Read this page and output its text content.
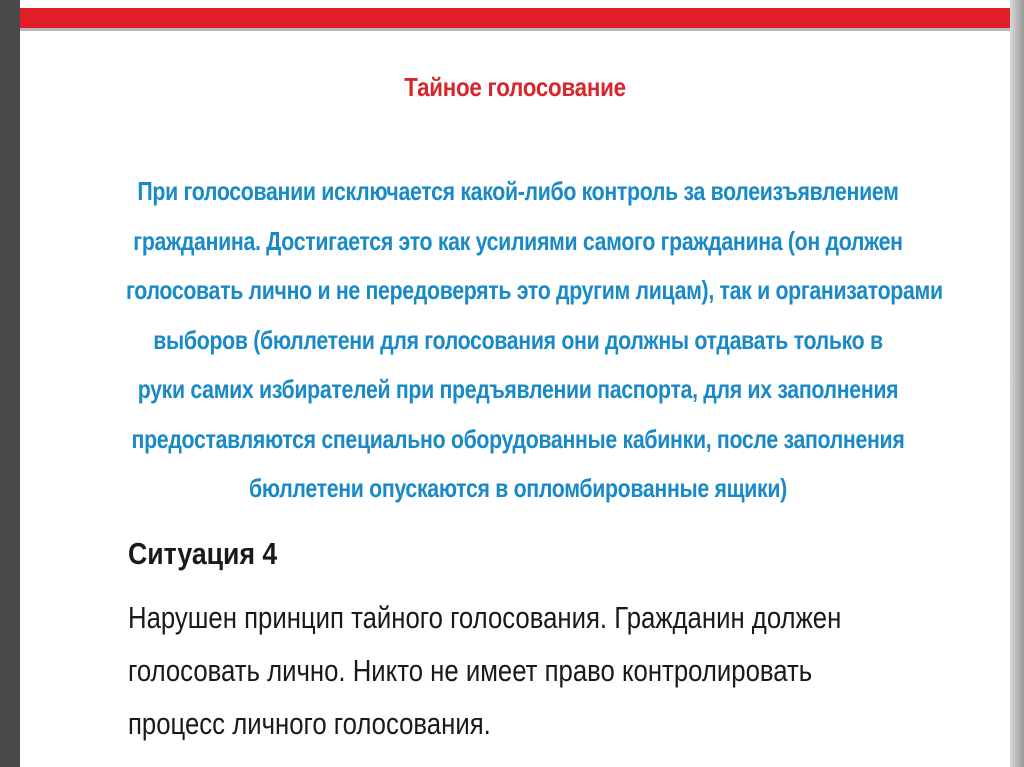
Тайное голосование
При голосовании исключается какой-либо контроль за волеизъявлением
гражданина. Достигается это как усилиями самого гражданина (он должен
голосовать лично и не передоверять это другим лицам), так и организаторами
выборов (бюллетени для голосования они должны отдавать только в
руки самих избирателей при предъявлении паспорта, для их заполнения
предоставляются специально оборудованные кабинки, после заполнения
бюллетени опускаются в опломбированные ящики)
Ситуация 4
Нарушен принцип тайного голосования. Гражданин должен
голосовать лично. Никто не имеет право контролировать
процесс личного голосования.
